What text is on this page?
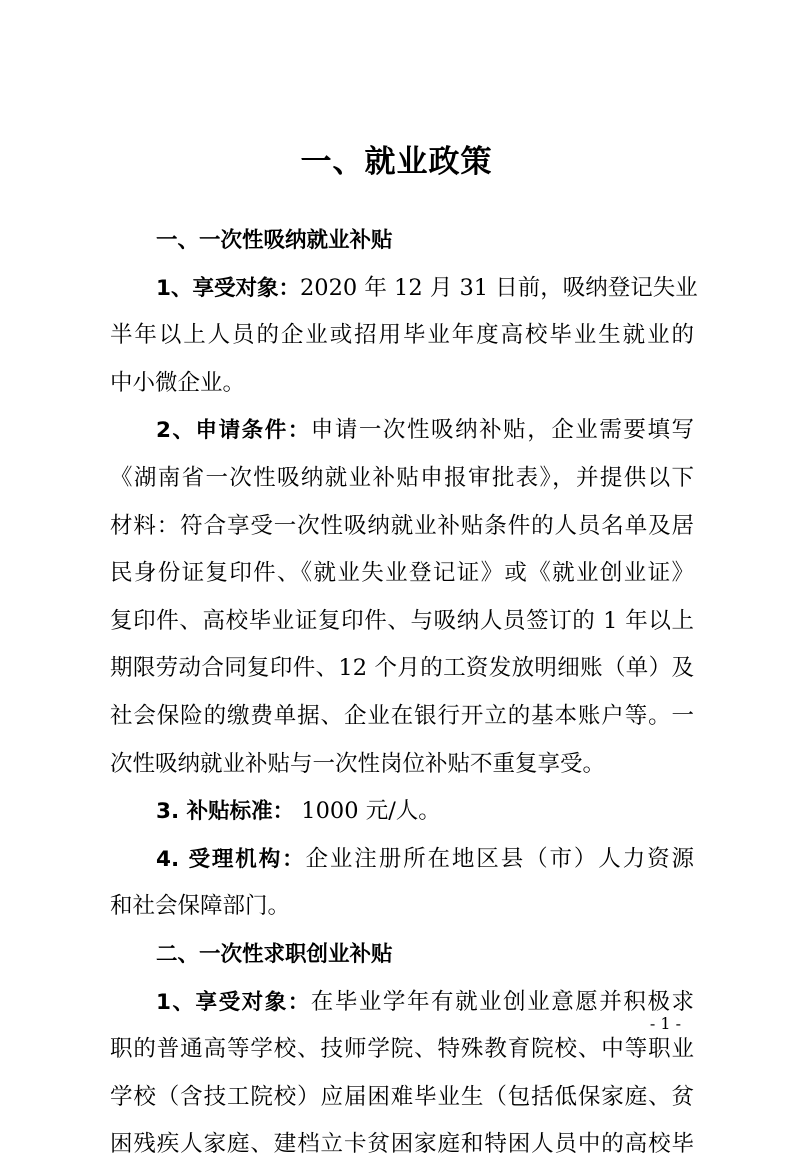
一、就业政策
一、一次性吸纳就业补贴
1、享受对象：2020 年 12 月 31 日前，吸纳登记失业
半年以上人员的企业或招用毕业年度高校毕业生就业的
中小微企业。
2、申请条件：申请一次性吸纳补贴，企业需要填写
《湖南省一次性吸纳就业补贴申报审批表》，并提供以下
材料：符合享受一次性吸纳就业补贴条件的人员名单及居
民身份证复印件、《就业失业登记证》或《就业创业证》
复印件、高校毕业证复印件、与吸纳人员签订的 1 年以上
期限劳动合同复印件、12 个月的工资发放明细账（单）及
社会保险的缴费单据、企业在银行开立的基本账户等。一
次性吸纳就业补贴与一次性岗位补贴不重复享受。
3. 补贴标准： 1000 元/人。
4. 受理机构：企业注册所在地区县（市）人力资源
和社会保障部门。
二、一次性求职创业补贴
1、享受对象：在毕业学年有就业创业意愿并积极求
职的普通高等学校、技师学院、特殊教育院校、中等职业
学校（含技工院校）应届困难毕业生（包括低保家庭、贫
困残疾人家庭、建档立卡贫困家庭和特困人员中的高校毕
- 1 -
